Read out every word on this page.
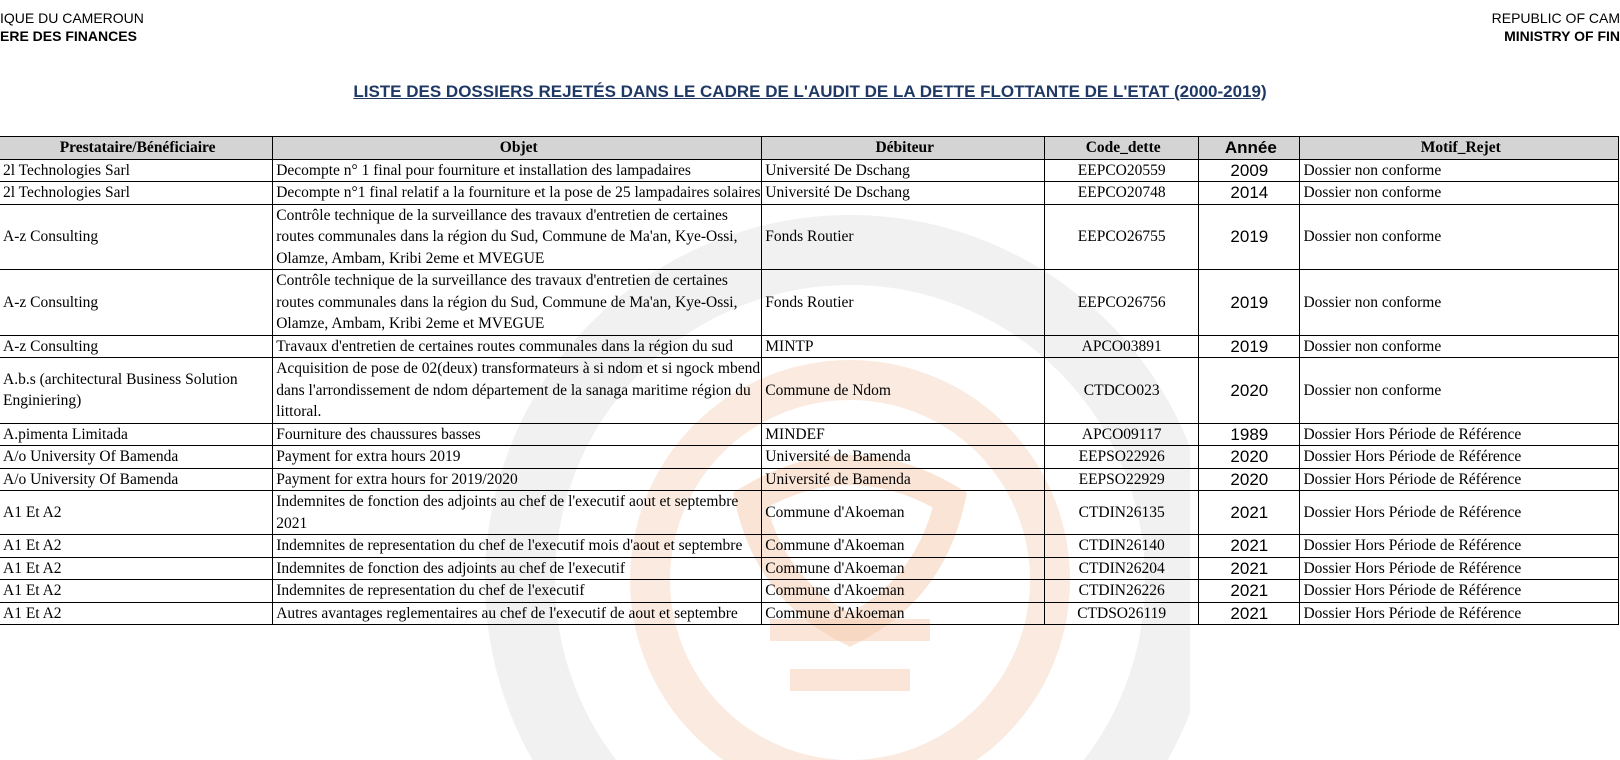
IQUE DU CAMEROUN
ERE DES FINANCES
REPUBLIC OF CAM
MINISTRY OF FIN
LISTE DES DOSSIERS REJETÉS DANS LE CADRE DE L'AUDIT DE LA DETTE FLOTTANTE DE L'ETAT (2000-2019)
Prestataire/Bénéficiaire	Objet	Débiteur	Code_dette	Année	Motif_Rejet
2l Technologies Sarl	Decompte n° 1 final pour fourniture et installation des lampadaires	Université De Dschang	EEPCO20559	2009	Dossier non conforme
2l Technologies Sarl	Decompte n°1 final relatif a la fourniture et la pose de 25 lampadaires solaires	Université De Dschang	EEPCO20748	2014	Dossier non conforme
A-z Consulting	Contrôle technique de la surveillance des travaux d'entretien de certaines routes communales dans la région du Sud, Commune de Ma'an, Kye-Ossi, Olamze, Ambam, Kribi 2eme et MVEGUE	Fonds Routier	EEPCO26755	2019	Dossier non conforme
A-z Consulting	Contrôle technique de la surveillance des travaux d'entretien de certaines routes communales dans la région du Sud, Commune de Ma'an, Kye-Ossi, Olamze, Ambam, Kribi 2eme et MVEGUE	Fonds Routier	EEPCO26756	2019	Dossier non conforme
A-z Consulting	Travaux d'entretien de certaines routes communales dans la région du sud	MINTP	APCO03891	2019	Dossier non conforme
A.b.s (architectural Business Solution Enginiering)	Acquisition de pose de 02(deux) transformateurs à si ndom et si ngock mbend dans l'arrondissement de ndom département de la sanaga maritime région du littoral.	Commune de Ndom	CTDCO023	2020	Dossier non conforme
A.pimenta Limitada	Fourniture des chaussures basses	MINDEF	APCO09117	1989	Dossier Hors Période de Référence
A/o University Of Bamenda	Payment for extra hours 2019	Université de Bamenda	EEPSO22926	2020	Dossier Hors Période de Référence
A/o University Of Bamenda	Payment for extra hours for 2019/2020	Université de Bamenda	EEPSO22929	2020	Dossier Hors Période de Référence
A1 Et A2	Indemnites de fonction des adjoints au chef de l'executif aout et septembre 2021	Commune d'Akoeman	CTDIN26135	2021	Dossier Hors Période de Référence
A1 Et A2	Indemnites de representation du chef de l'executif mois d'aout et septembre	Commune d'Akoeman	CTDIN26140	2021	Dossier Hors Période de Référence
A1 Et A2	Indemnites de fonction des adjoints au chef de l'executif	Commune d'Akoeman	CTDIN26204	2021	Dossier Hors Période de Référence
A1 Et A2	Indemnites de representation du chef de l'executif	Commune d'Akoeman	CTDIN26226	2021	Dossier Hors Période de Référence
A1 Et A2	Autres avantages reglementaires au chef de l'executif de aout et septembre	Commune d'Akoeman	CTDSO26119	2021	Dossier Hors Période de Référence
